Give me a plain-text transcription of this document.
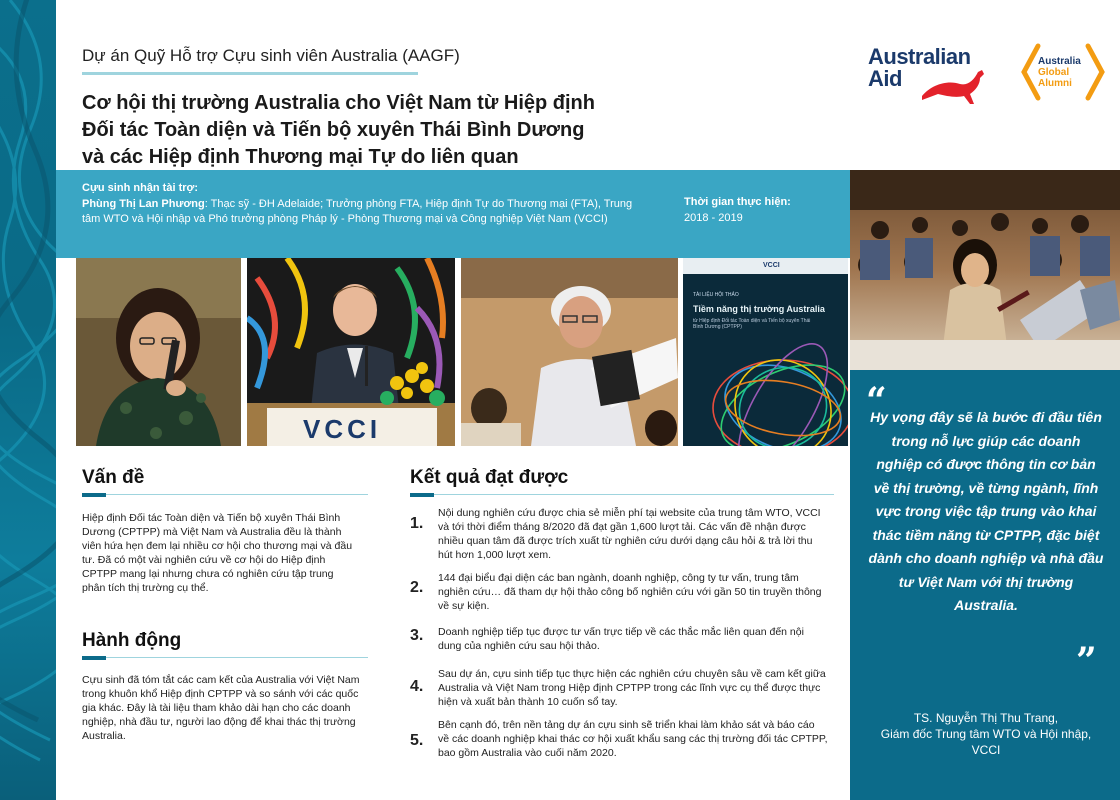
Dự án Quỹ Hỗ trợ Cựu sinh viên Australia (AAGF)
Cơ hội thị trường Australia cho Việt Nam từ Hiệp định
Đối tác Toàn diện và Tiến bộ xuyên Thái Bình Dương
và các Hiệp định Thương mại Tự do liên quan
Australian
Aid
Australia
Global
Alumni
Cựu sinh nhận tài trợ:
Phùng Thị Lan Phương: Thạc sỹ - ĐH Adelaide; Trưởng phòng FTA, Hiệp định Tự do Thương mại (FTA), Trung tâm WTO và Hội nhập và Phó trưởng phòng Pháp lý - Phòng Thương mại và Công nghiệp Việt Nam (VCCI)
Thời gian thực hiện:
2018 - 2019
VCCI
VCCI
TÀI LIỆU HỘI THẢO
Tiềm năng thị trường Australia
từ Hiệp định Đối tác Toàn diện và Tiến bộ xuyên Thái Bình Dương (CPTPP)
Vấn đề
Hiệp định Đối tác Toàn diện và Tiến bộ xuyên Thái Bình Dương (CPTPP) mà Việt Nam và Australia đều là thành viên hứa hẹn đem lại nhiều cơ hội cho thương mại và đầu tư. Đã có một vài nghiên cứu về cơ hội do Hiệp định CPTPP mang lại nhưng chưa có nghiên cứu tập trung phân tích thị trường cụ thể.
Hành động
Cựu sinh đã tóm tắt các cam kết của Australia với Việt Nam trong khuôn khổ Hiệp định CPTPP và so sánh với các quốc gia khác. Đây là tài liệu tham khảo dài hạn cho các doanh nghiệp, nhà đầu tư, người lao động để khai thác thị trường Australia.
Kết quả đạt được
1.
Nội dung nghiên cứu được chia sẻ miễn phí tại website của trung tâm WTO, VCCI và tới thời điểm tháng 8/2020 đã đạt gần 1,600 lượt tải. Các vấn đề nhận được nhiều quan tâm đã được trích xuất từ nghiên cứu dưới dạng câu hỏi & trả lời thu hút hơn 1,000 lượt xem.
2.
144 đại biểu đại diện các ban ngành, doanh nghiệp, công ty tư vấn, trung tâm nghiên cứu… đã tham dự hội thảo công bố nghiên cứu với gần 50 tin truyền thông về sự kiện.
3. Doanh nghiệp tiếp tục được tư vấn trực tiếp về các thắc mắc liên quan đến nội dung của nghiên cứu sau hội thảo.
4.
Sau dự án, cựu sinh tiếp tục thực hiện các nghiên cứu chuyên sâu về cam kết giữa Australia và Việt Nam trong Hiệp định CPTPP trong các lĩnh vực cụ thể được thực hiện và xuất bản thành 10 cuốn sổ tay.
5.
Bên cạnh đó, trên nền tảng dự án cựu sinh sẽ triển khai làm khảo sát và báo cáo về các doanh nghiệp khai thác cơ hội xuất khẩu sang các thị trường đối tác CPTPP, bao gồm Australia vào cuối năm 2020.
“
Hy vọng đây sẽ là bước đi đầu tiên trong nỗ lực giúp các doanh nghiệp có được thông tin cơ bản về thị trường, về từng ngành, lĩnh vực trong việc tập trung vào khai thác tiềm năng từ CPTPP, đặc biệt dành cho doanh nghiệp và nhà đầu tư Việt Nam với thị trường Australia.
”
TS. Nguyễn Thị Thu Trang,
Giám đốc Trung tâm WTO và Hội nhập, VCCI
